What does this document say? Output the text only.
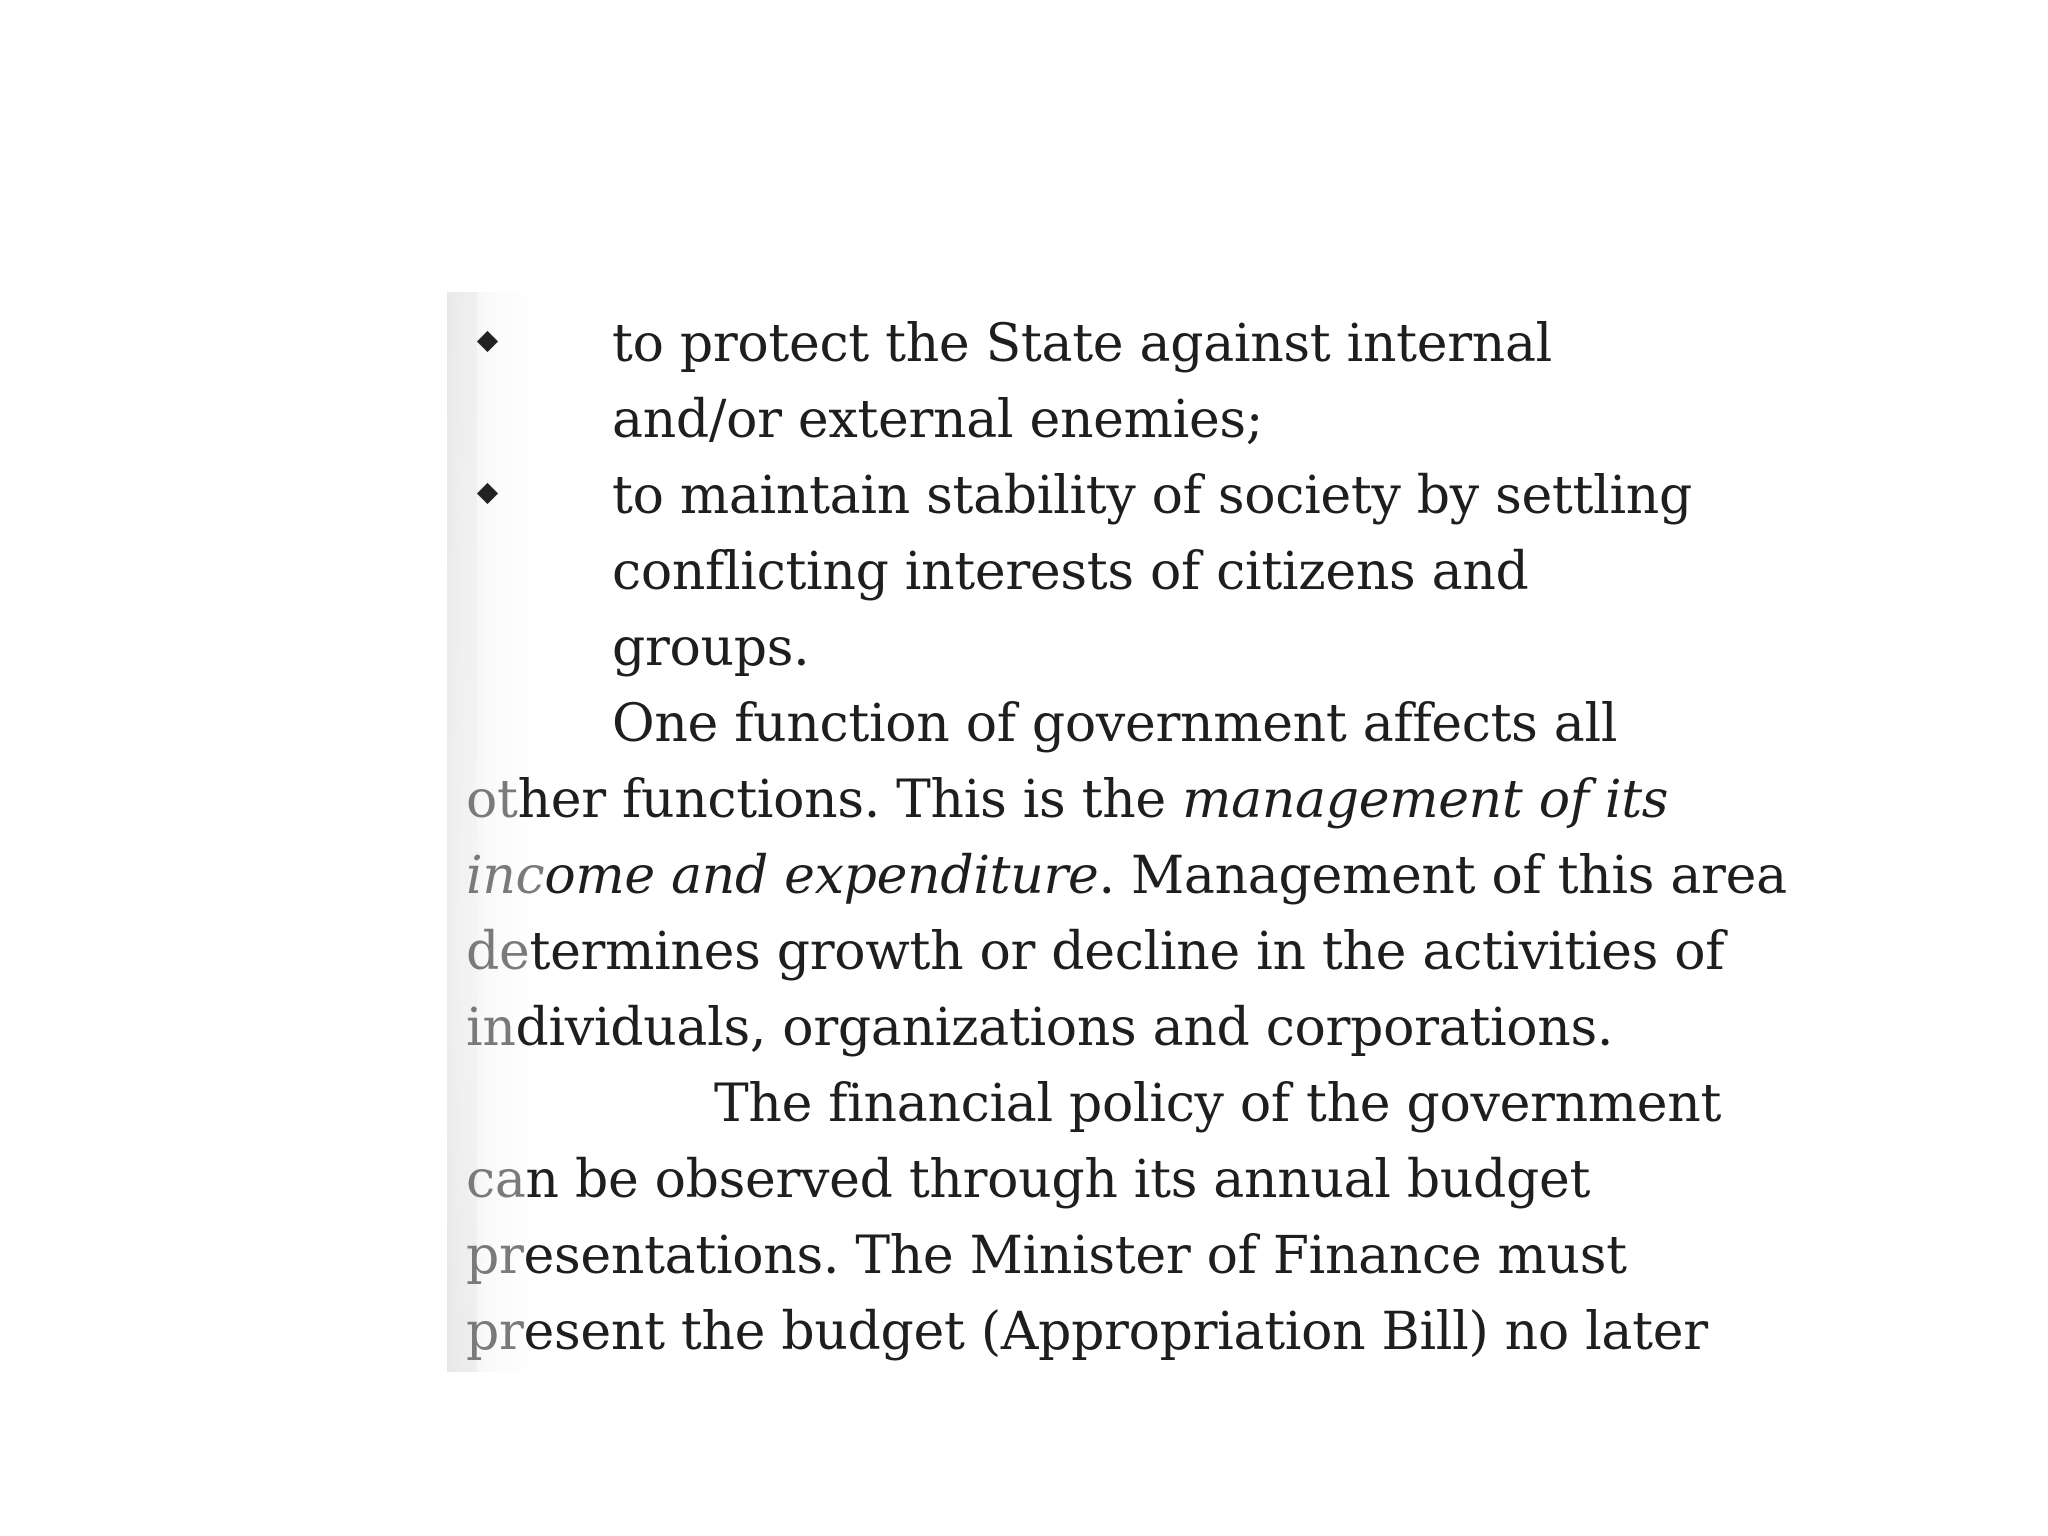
to protect the State against internal
and/or external enemies;
to maintain stability of society by settling
conflicting interests of citizens and
groups.
One function of government affects all
other functions. This is the management of its
income and expenditure. Management of this area
determines growth or decline in the activities of
individuals, organizations and corporations.
The financial policy of the government
can be observed through its annual budget
presentations. The Minister of Finance must
present the budget (Appropriation Bill) no later
